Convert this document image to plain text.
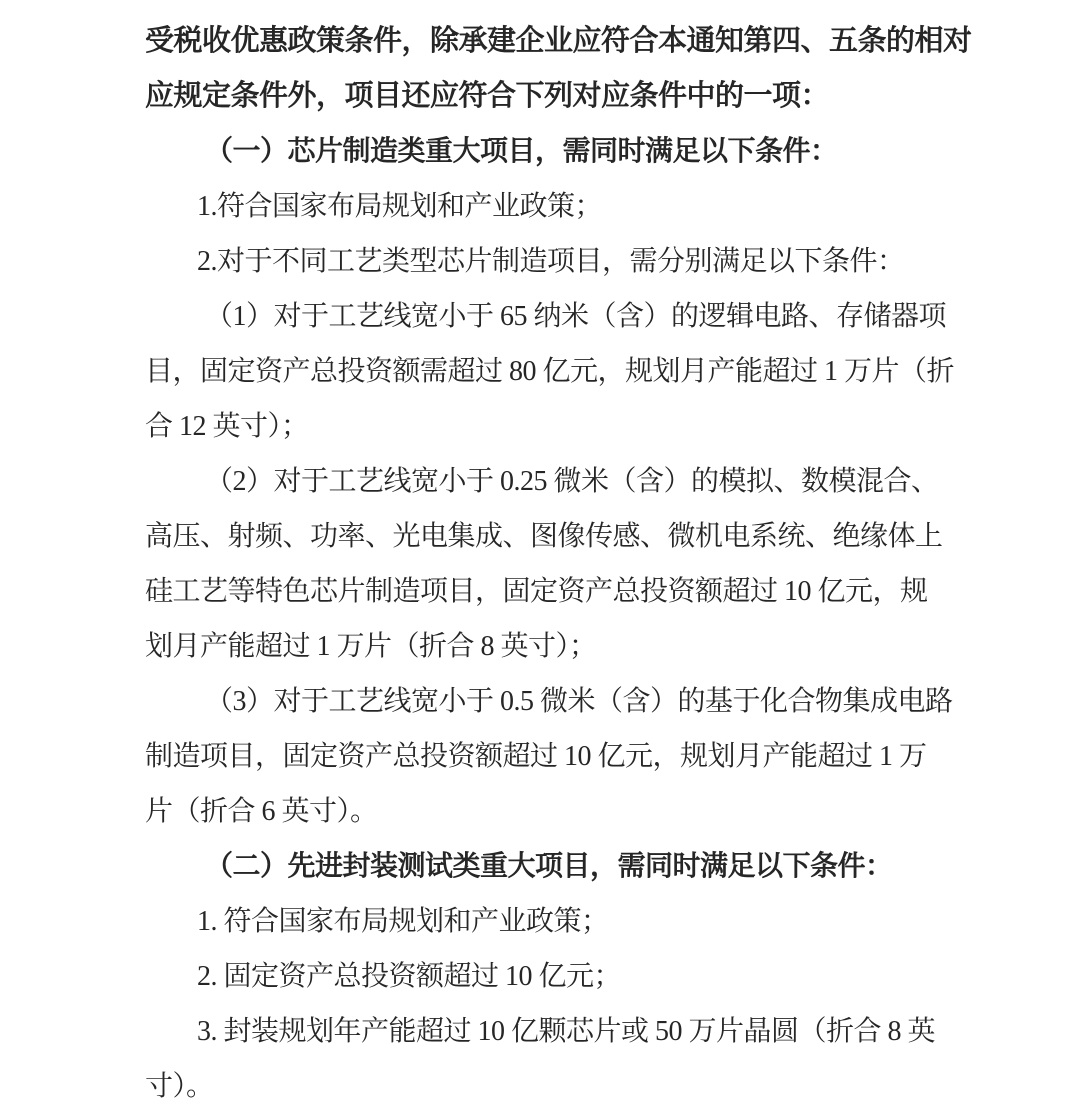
受税收优惠政策条件，除承建企业应符合本通知第四、五条的相对
应规定条件外，项目还应符合下列对应条件中的一项：
（一）芯片制造类重大项目，需同时满足以下条件：
1.符合国家布局规划和产业政策；
2.对于不同工艺类型芯片制造项目，需分别满足以下条件：
（1）对于工艺线宽小于 65 纳米（含）的逻辑电路、存储器项
目，固定资产总投资额需超过 80 亿元，规划月产能超过 1 万片（折
合 12 英寸）；
（2）对于工艺线宽小于 0.25 微米（含）的模拟、数模混合、
高压、射频、功率、光电集成、图像传感、微机电系统、绝缘体上
硅工艺等特色芯片制造项目，固定资产总投资额超过 10 亿元，规
划月产能超过 1 万片（折合 8 英寸）；
（3）对于工艺线宽小于 0.5 微米（含）的基于化合物集成电路
制造项目，固定资产总投资额超过 10 亿元，规划月产能超过 1 万
片（折合 6 英寸）。
（二）先进封装测试类重大项目，需同时满足以下条件：
1. 符合国家布局规划和产业政策；
2. 固定资产总投资额超过 10 亿元；
3. 封装规划年产能超过 10 亿颗芯片或 50 万片晶圆（折合 8 英
寸）。
